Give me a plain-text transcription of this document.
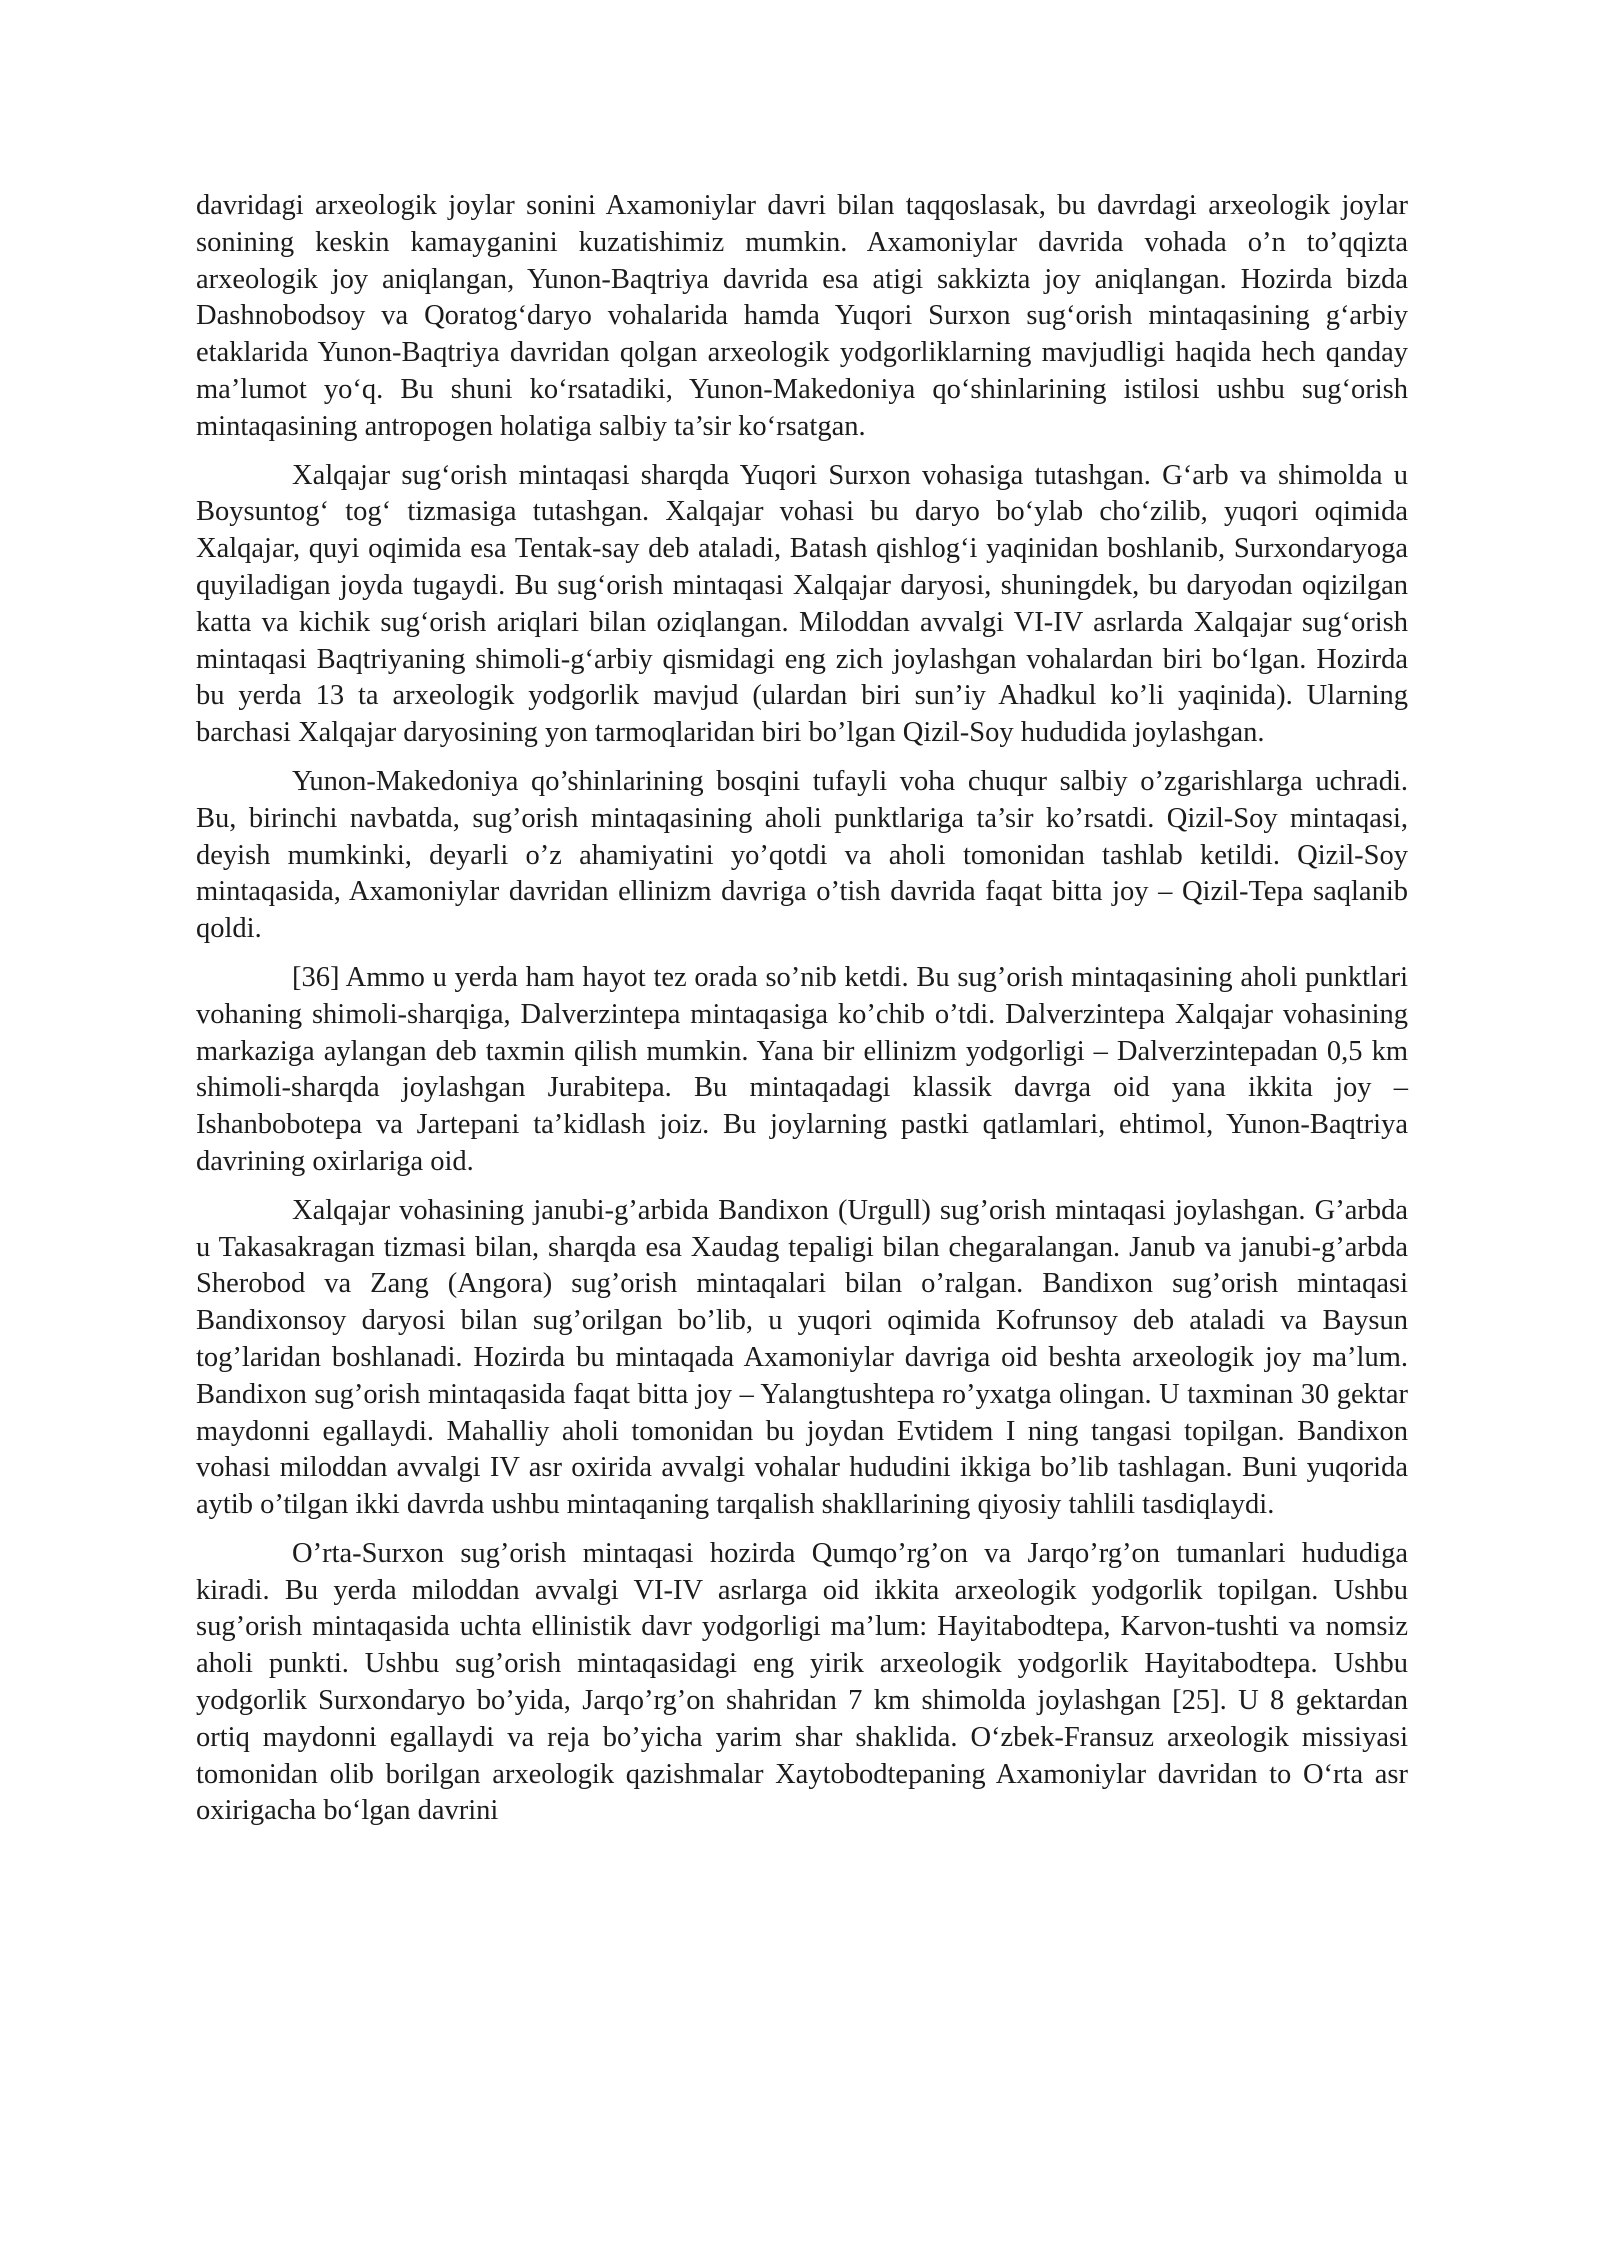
davridagi arxeologik joylar sonini Axamoniylar davri bilan taqqoslasak, bu davrdagi arxeologik joylar sonining keskin kamayganini kuzatishimiz mumkin. Axamoniylar davrida vohada o’n to’qqizta arxeologik joy aniqlangan, Yunon-Baqtriya davrida esa atigi sakkizta joy aniqlangan. Hozirda bizda Dashnobodsoy va Qoratog‘daryo vohalarida hamda Yuqori Surxon sug‘orish mintaqasining g‘arbiy etaklarida Yunon-Baqtriya davridan qolgan arxeologik yodgorliklarning mavjudligi haqida hech qanday ma’lumot yo‘q. Bu shuni ko‘rsatadiki, Yunon-Makedoniya qo‘shinlarining istilosi ushbu sug‘orish mintaqasining antropogen holatiga salbiy ta’sir ko‘rsatgan.

Xalqajar sug‘orish mintaqasi sharqda Yuqori Surxon vohasiga tutashgan. G‘arb va shimolda u Boysuntog‘ tog‘ tizmasiga tutashgan. Xalqajar vohasi bu daryo bo‘ylab cho‘zilib, yuqori oqimida Xalqajar, quyi oqimida esa Tentak-say deb ataladi, Batash qishlog‘i yaqinidan boshlanib, Surxondaryoga quyiladigan joyda tugaydi. Bu sug‘orish mintaqasi Xalqajar daryosi, shuningdek, bu daryodan oqizilgan katta va kichik sug‘orish ariqlari bilan oziqlangan. Miloddan avvalgi VI-IV asrlarda Xalqajar sug‘orish mintaqasi Baqtriyaning shimoli-g‘arbiy qismidagi eng zich joylashgan vohalardan biri bo‘lgan. Hozirda bu yerda 13 ta arxeologik yodgorlik mavjud (ulardan biri sun’iy Ahadkul ko’li yaqinida). Ularning barchasi Xalqajar daryosining yon tarmoqlaridan biri bo’lgan Qizil-Soy hududida joylashgan.

Yunon-Makedoniya qo’shinlarining bosqini tufayli voha chuqur salbiy o’zgarishlarga uchradi. Bu, birinchi navbatda, sug’orish mintaqasining aholi punktlariga ta’sir ko’rsatdi. Qizil-Soy mintaqasi, deyish mumkinki, deyarli o’z ahamiyatini yo’qotdi va aholi tomonidan tashlab ketildi. Qizil-Soy mintaqasida, Axamoniylar davridan ellinizm davriga o’tish davrida faqat bitta joy – Qizil-Tepa saqlanib qoldi.

[36] Ammo u yerda ham hayot tez orada so’nib ketdi. Bu sug’orish mintaqasining aholi punktlari vohaning shimoli-sharqiga, Dalverzintepa mintaqasiga ko’chib o’tdi. Dalverzintepa Xalqajar vohasining markaziga aylangan deb taxmin qilish mumkin. Yana bir ellinizm yodgorligi – Dalverzintepadan 0,5 km shimoli-sharqda joylashgan Jurabitepa. Bu mintaqadagi klassik davrga oid yana ikkita joy – Ishanbobotepa va Jartepani ta’kidlash joiz. Bu joylarning pastki qatlamlari, ehtimol, Yunon-Baqtriya davrining oxirlariga oid.

Xalqajar vohasining janubi-g’arbida Bandixon (Urgull) sug’orish mintaqasi joylashgan. G’arbda u Takasakragan tizmasi bilan, sharqda esa Xaudag tepaligi bilan chegaralangan. Janub va janubi-g’arbda Sherobod va Zang (Angora) sug’orish mintaqalari bilan o’ralgan. Bandixon sug’orish mintaqasi Bandixonsoy daryosi bilan sug’orilgan bo’lib, u yuqori oqimida Kofrunsoy deb ataladi va Baysun tog’laridan boshlanadi. Hozirda bu mintaqada Axamoniylar davriga oid beshta arxeologik joy ma’lum. Bandixon sug’orish mintaqasida faqat bitta joy – Yalangtushtepa ro’yxatga olingan. U taxminan 30 gektar maydonni egallaydi. Mahalliy aholi tomonidan bu joydan Evtidem I ning tangasi topilgan. Bandixon vohasi miloddan avvalgi IV asr oxirida avvalgi vohalar hududini ikkiga bo’lib tashlagan. Buni yuqorida aytib o’tilgan ikki davrda ushbu mintaqaning tarqalish shakllarining qiyosiy tahlili tasdiqlaydi.

O’rta-Surxon sug’orish mintaqasi hozirda Qumqo’rg’on va Jarqo’rg’on tumanlari hududiga kiradi. Bu yerda miloddan avvalgi VI-IV asrlarga oid ikkita arxeologik yodgorlik topilgan. Ushbu sug’orish mintaqasida uchta ellinistik davr yodgorligi ma’lum: Hayitabodtepa, Karvon-tushti va nomsiz aholi punkti. Ushbu sug’orish mintaqasidagi eng yirik arxeologik yodgorlik Hayitabodtepa. Ushbu yodgorlik Surxondaryo bo’yida, Jarqo’rg’on shahridan 7 km shimolda joylashgan [25]. U 8 gektardan ortiq maydonni egallaydi va reja bo’yicha yarim shar shaklida. O‘zbek-Fransuz arxeologik missiyasi tomonidan olib borilgan arxeologik qazishmalar Xaytobodtepaning Axamoniylar davridan to O‘rta asr oxirigacha bo‘lgan davrini
